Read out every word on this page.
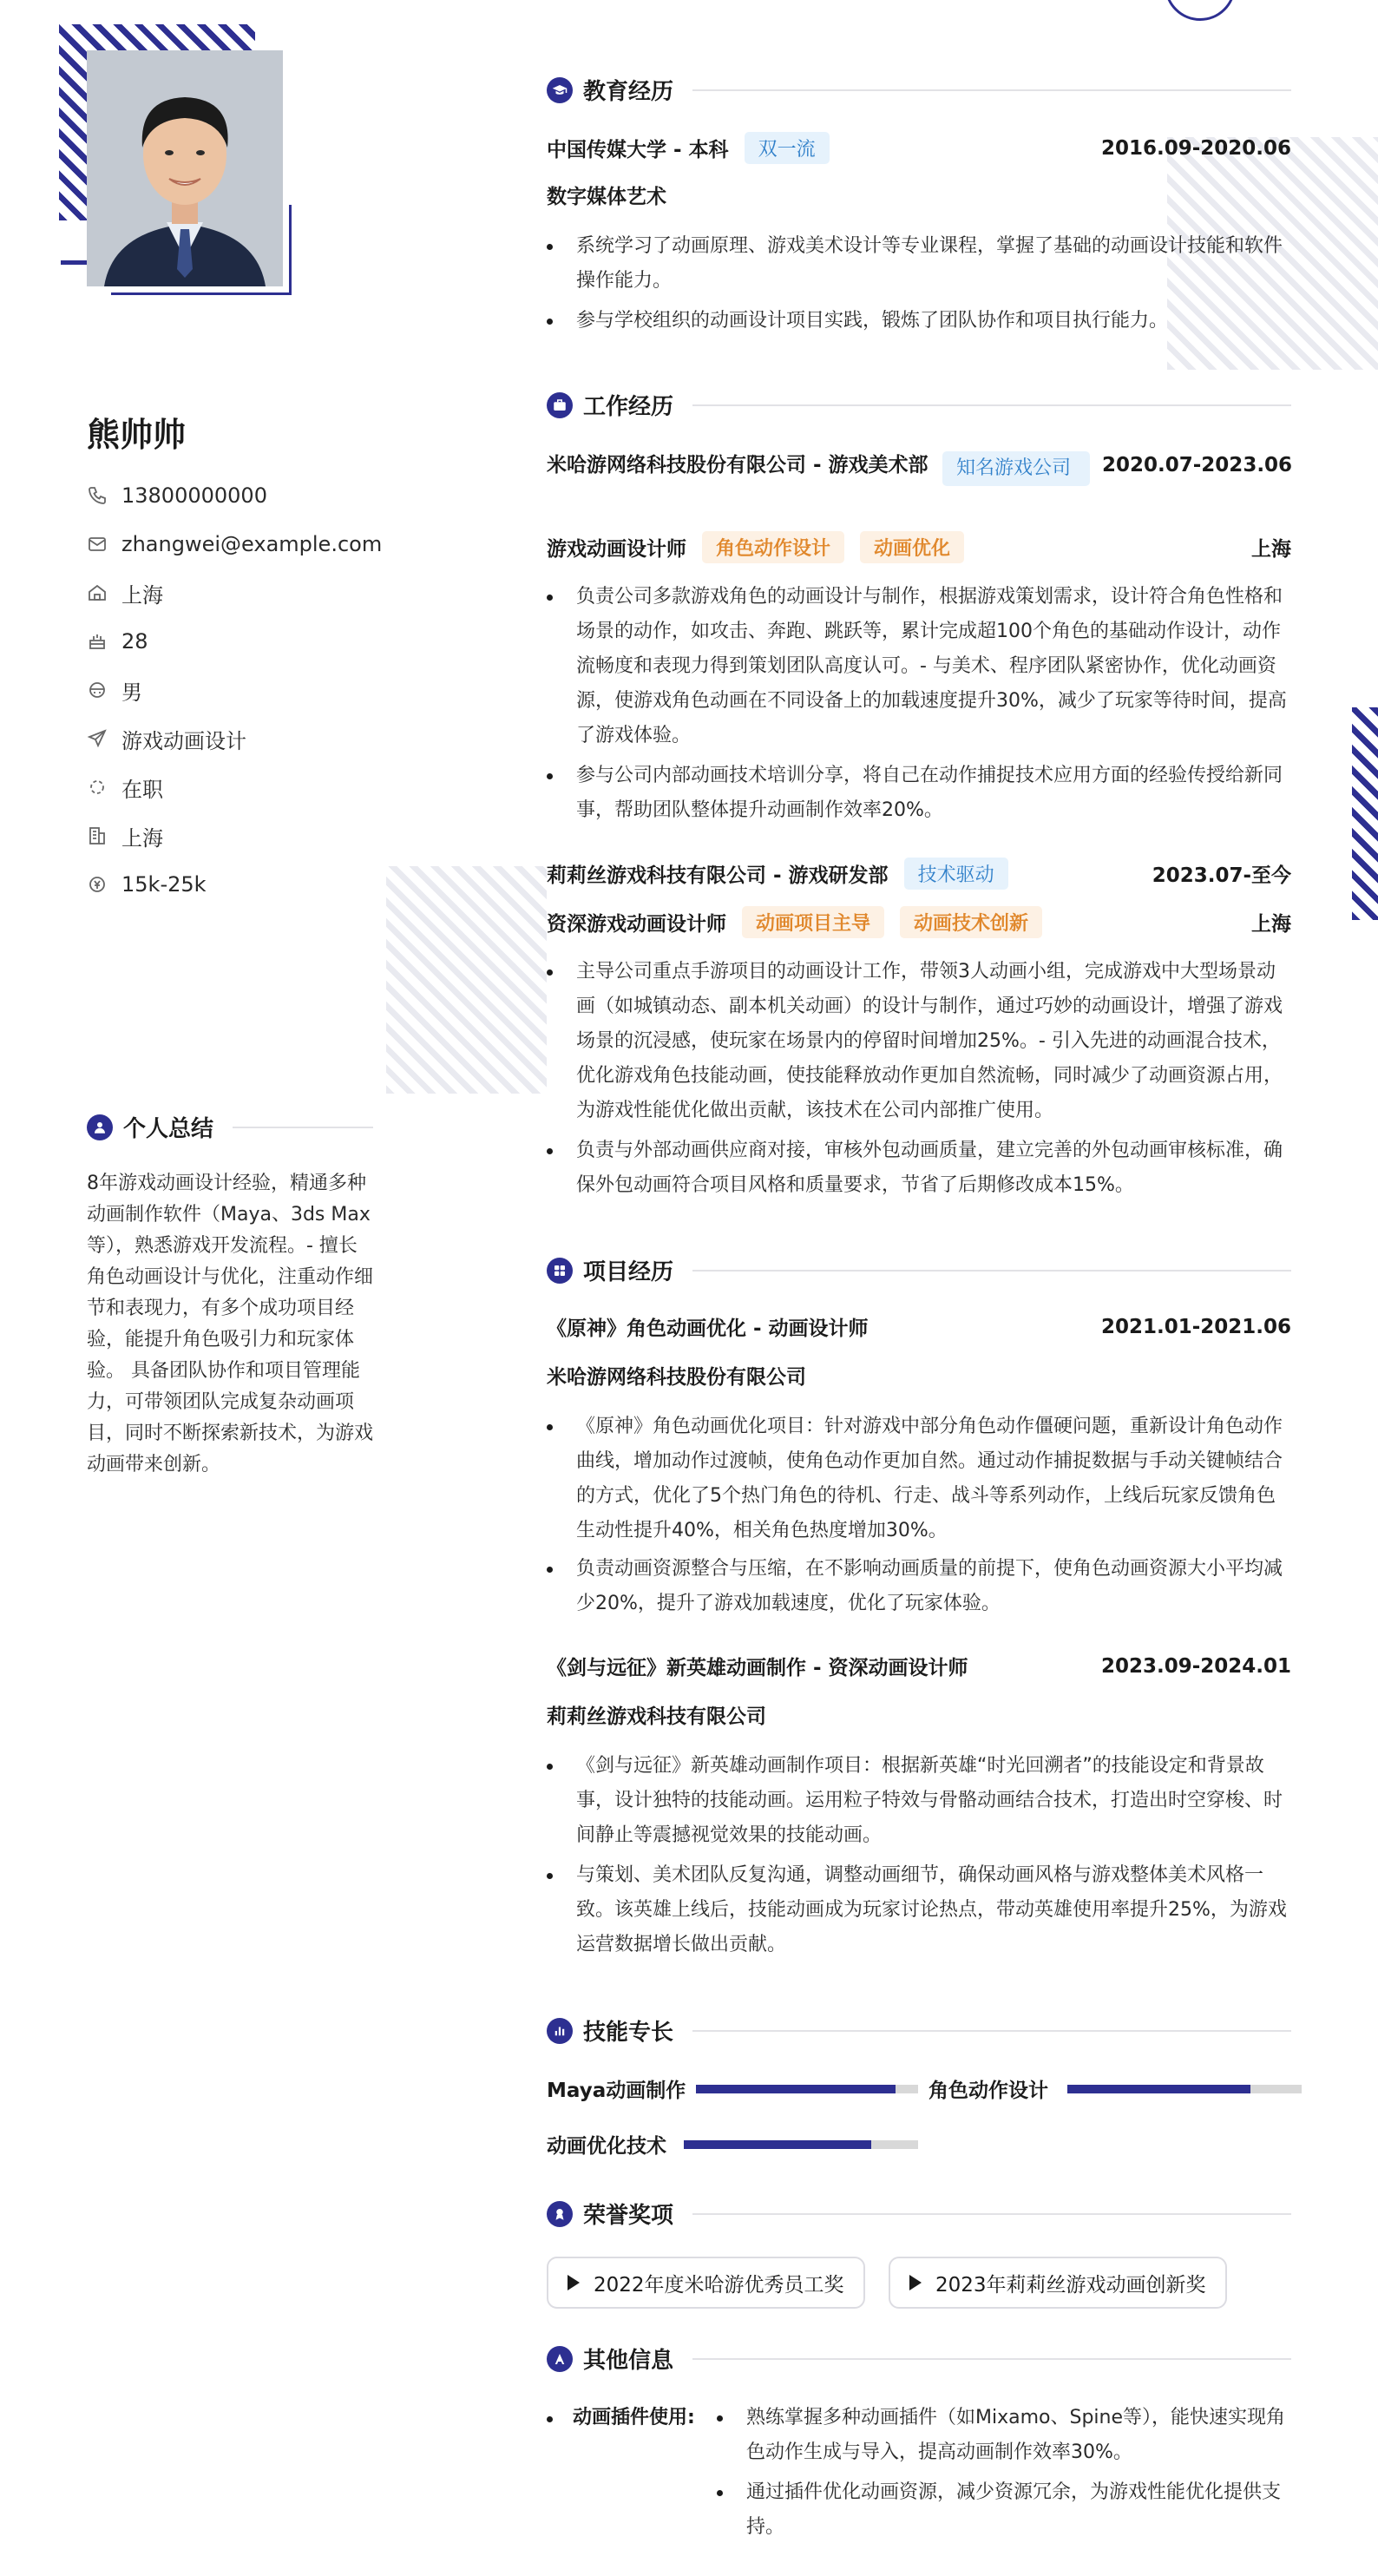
熊帅帅
13800000000
zhangwei@example.com
上海
28
男
游戏动画设计
在职
上海
15k-25k
个人总结
8年游戏动画设计经验，精通多种动画制作软件（Maya、3ds Max等），熟悉游戏开发流程。- 擅长角色动画设计与优化，注重动作细节和表现力，有多个成功项目经验，能提升角色吸引力和玩家体验。 具备团队协作和项目管理能力，可带领团队完成复杂动画项目，同时不断探索新技术，为游戏动画带来创新。
教育经历
中国传媒大学 - 本科	双一流	2016.09-2020.06
数字媒体艺术
系统学习了动画原理、游戏美术设计等专业课程，掌握了基础的动画设计技能和软件操作能力。
参与学校组织的动画设计项目实践，锻炼了团队协作和项目执行能力。
工作经历
米哈游网络科技股份有限公司 - 游戏美术部	知名游戏公司	2020.07-2023.06
游戏动画设计师	角色动作设计	动画优化	上海
负责公司多款游戏角色的动画设计与制作，根据游戏策划需求，设计符合角色性格和场景的动作，如攻击、奔跑、跳跃等，累计完成超100个角色的基础动作设计，动作流畅度和表现力得到策划团队高度认可。- 与美术、程序团队紧密协作，优化动画资源，使游戏角色动画在不同设备上的加载速度提升30%，减少了玩家等待时间，提高了游戏体验。
参与公司内部动画技术培训分享，将自己在动作捕捉技术应用方面的经验传授给新同事，帮助团队整体提升动画制作效率20%。
莉莉丝游戏科技有限公司 - 游戏研发部	技术驱动	2023.07-至今
资深游戏动画设计师	动画项目主导	动画技术创新	上海
主导公司重点手游项目的动画设计工作，带领3人动画小组，完成游戏中大型场景动画（如城镇动态、副本机关动画）的设计与制作，通过巧妙的动画设计，增强了游戏场景的沉浸感，使玩家在场景内的停留时间增加25%。- 引入先进的动画混合技术，优化游戏角色技能动画，使技能释放动作更加自然流畅，同时减少了动画资源占用，为游戏性能优化做出贡献，该技术在公司内部推广使用。
负责与外部动画供应商对接，审核外包动画质量，建立完善的外包动画审核标准，确保外包动画符合项目风格和质量要求，节省了后期修改成本15%。
项目经历
《原神》角色动画优化 - 动画设计师	2021.01-2021.06
米哈游网络科技股份有限公司
《原神》角色动画优化项目：针对游戏中部分角色动作僵硬问题，重新设计角色动作曲线，增加动作过渡帧，使角色动作更加自然。通过动作捕捉数据与手动关键帧结合的方式，优化了5个热门角色的待机、行走、战斗等系列动作，上线后玩家反馈角色生动性提升40%，相关角色热度增加30%。
负责动画资源整合与压缩，在不影响动画质量的前提下，使角色动画资源大小平均减少20%，提升了游戏加载速度，优化了玩家体验。
《剑与远征》新英雄动画制作 - 资深动画设计师	2023.09-2024.01
莉莉丝游戏科技有限公司
《剑与远征》新英雄动画制作项目：根据新英雄“时光回溯者”的技能设定和背景故事，设计独特的技能动画。运用粒子特效与骨骼动画结合技术，打造出时空穿梭、时间静止等震撼视觉效果的技能动画。
与策划、美术团队反复沟通，调整动画细节，确保动画风格与游戏整体美术风格一致。该英雄上线后，技能动画成为玩家讨论热点，带动英雄使用率提升25%，为游戏运营数据增长做出贡献。
技能专长
Maya动画制作	角色动作设计
动画优化技术
荣誉奖项
2022年度米哈游优秀员工奖	2023年莉莉丝游戏动画创新奖
其他信息
动画插件使用:	熟练掌握多种动画插件（如Mixamo、Spine等），能快速实现角色动作生成与导入，提高动画制作效率30%。
通过插件优化动画资源，减少资源冗余，为游戏性能优化提供支持。
